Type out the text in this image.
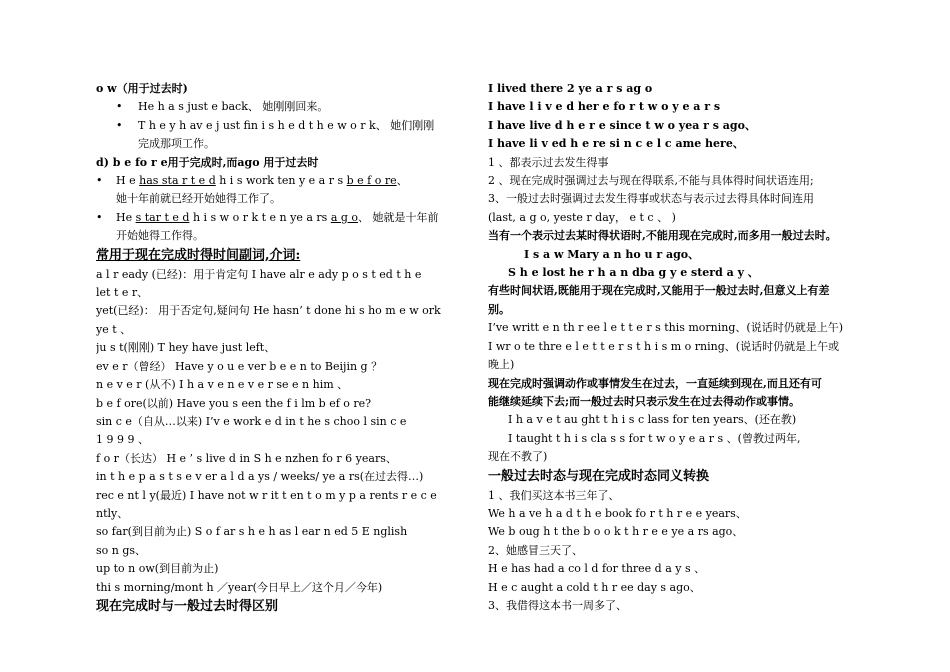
o w（用于过去时)
• He h a s just e back、 她刚刚回来。
• T h e y h av e j ust fin i s h e d t h e w o r k、 她们刚刚
完成那项工作。
d) b e fo r e用于完成时,而ago 用于过去时
• H e has sta r t e d h i s work ten y e a r s b e f o re、
她十年前就已经开始她得工作了。
• He s tar t e d h i s w o r k t e n ye a rs a g o、 她就是十年前
开始她得工作得。
常用于现在完成时得时间副词,介词:
a l r eady (已经)：用于肯定句 I have alr e ady p o s t ed t h e
let t e r、
yet(已经)： 用于否定句,疑问句 He hasn’ t done hi s ho m e w ork
ye t 、
ju s t(刚刚) T hey have just left、
ev e r（曾经） Have y o u e ver b e e n to Beijin g ？
n e v e r (从不) I h a v e n e v e r se e n him 、
b e f ore(以前) Have you s een the f i lm b ef o re?
sin c e（自从…以来) I’v e work e d in t he s choo l sin c e
1 9 9 9 、
f o r（长达） H e ’ s live d in S h e nzhen fo r 6 years、
in t h e p a s t s e v er a l d a ys / weeks/ ye a rs(在过去得…)
rec e nt l y(最近) I have not w r it t en t o m y p a rents r e c e
ntly、
so far(到目前为止) S o f ar s h e h as l ear n ed 5 E nglish
so n gs、
up to n ow(到目前为止)
thi s morning/mont h ／year(今日早上／这个月／今年)
现在完成时与一般过去时得区别
I lived there 2 ye a r s ag o
I have l i v e d her e fo r t w o y e a r s
I have live d h e r e since t w o yea r s ago、
I have li v ed h e re si n c e l c ame here、
1 、都表示过去发生得事
2 、现在完成时强调过去与现在得联系,不能与具体得时间状语连用;
3、一般过去时强调过去发生得事或状态与表示过去得具体时间连用
(last, a g o, yeste r day， e t c 、 )
当有一个表示过去某时得状语时,不能用现在完成时,而多用一般过去时。
I s a w Mary a n ho u r ago、
S h e lost he r h a n dba g y e sterd a y 、
有些时间状语,既能用于现在完成时,又能用于一般过去时,但意义上有差
别。
I’ve writt e n th r ee l e t t e r s this morning、(说话时仍就是上午)
I wr o te thre e l e t t e r s t h i s m o rning、(说话时仍就是上午或
晚上)
现在完成时强调动作或事情发生在过去，一直延续到现在,而且还有可
能继续延续下去;而一般过去时只表示发生在过去得动作或事情。
I h a v e t au ght t h i s c lass for ten years、(还在教)
I taught t h i s cla s s for t w o y e a r s 、(曾教过两年,
现在不教了)
一般过去时态与现在完成时态同义转换
1 、我们买这本书三年了、
We h a ve h a d t h e book fo r t h r e e years、
We b oug h t the b o o k t h r e e ye a rs ago、
2、她感冒三天了、
H e has had a co l d for three d a y s 、
H e c aught a cold t h r ee day s ago、
3、我借得这本书一周多了、
